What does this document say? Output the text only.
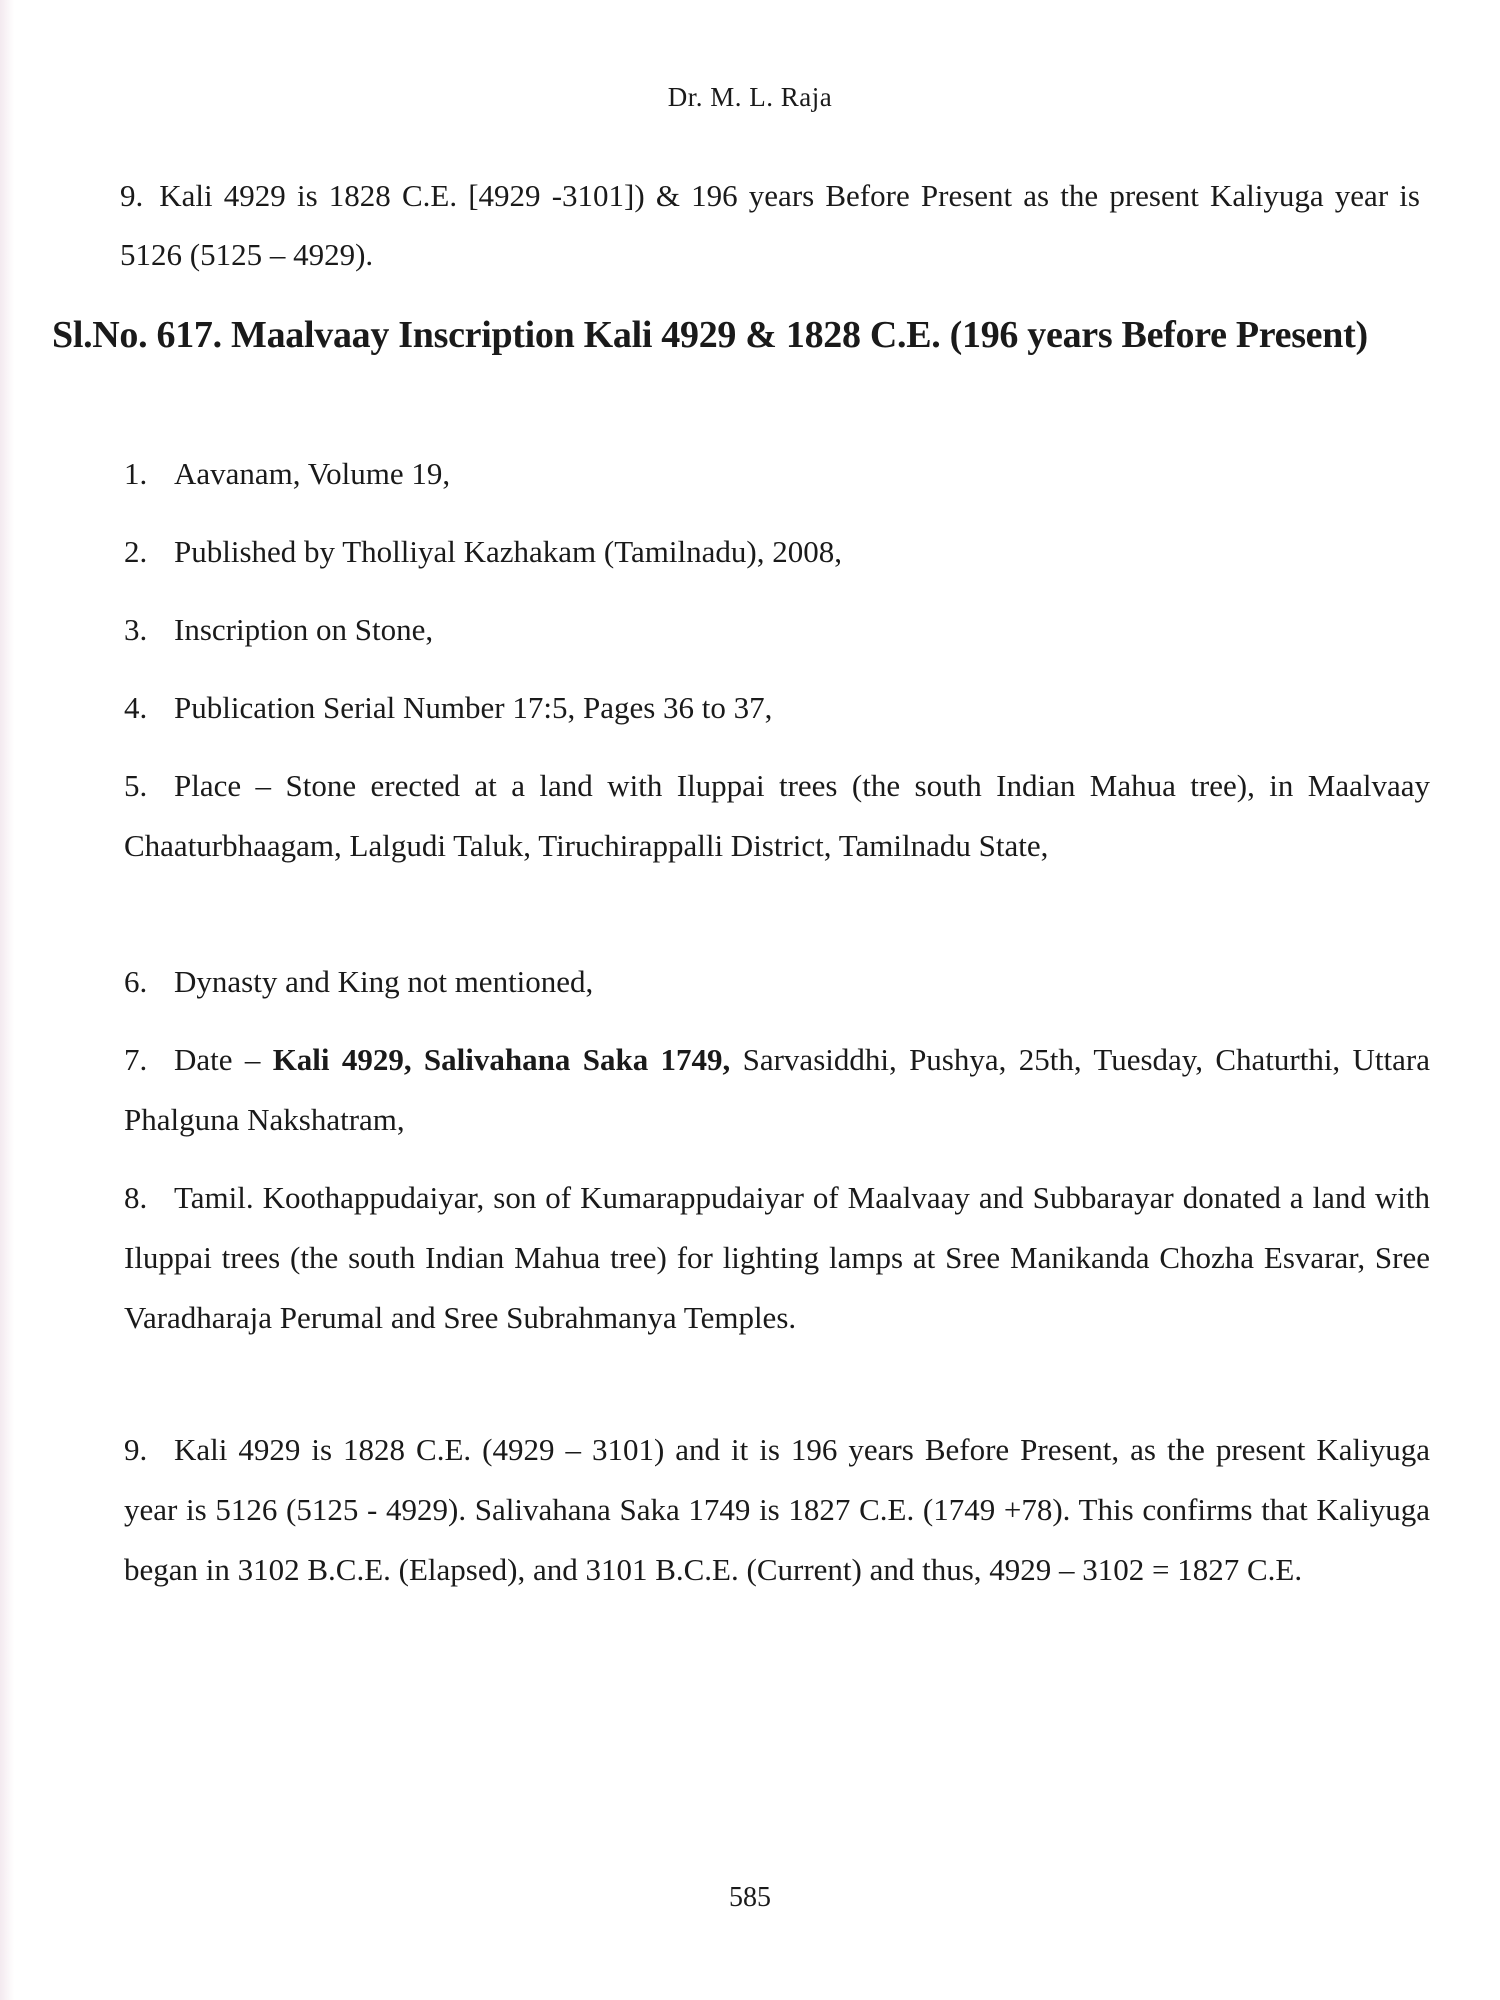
Dr. M. L. Raja
9. Kali 4929 is 1828 C.E. [4929 -3101]) & 196 years Before Present as the present Kaliyuga year is 5126 (5125 – 4929).
Sl.No. 617. Maalvaay Inscription Kali 4929 & 1828 C.E. (196 years Before Present)
1. Aavanam, Volume 19,
2. Published by Tholliyal Kazhakam (Tamilnadu), 2008,
3. Inscription on Stone,
4. Publication Serial Number 17:5, Pages 36 to 37,
5. Place – Stone erected at a land with Iluppai trees (the south Indian Mahua tree), in Maalvaay Chaaturbhaagam, Lalgudi Taluk, Tiruchirappalli District, Tamilnadu State,
6. Dynasty and King not mentioned,
7. Date – Kali 4929, Salivahana Saka 1749, Sarvasiddhi, Pushya, 25th, Tuesday, Chaturthi, Uttara Phalguna Nakshatram,
8. Tamil. Koothappudaiyar, son of Kumarappudaiyar of Maalvaay and Subbarayar donated a land with Iluppai trees (the south Indian Mahua tree) for lighting lamps at Sree Manikanda Chozha Esvarar, Sree Varadharaja Perumal and Sree Subrahmanya Temples.
9. Kali 4929 is 1828 C.E. (4929 – 3101) and it is 196 years Before Present, as the present Kaliyuga year is 5126 (5125 - 4929). Salivahana Saka 1749 is 1827 C.E. (1749 +78). This confirms that Kaliyuga began in 3102 B.C.E. (Elapsed), and 3101 B.C.E. (Current) and thus, 4929 – 3102 = 1827 C.E.
585
